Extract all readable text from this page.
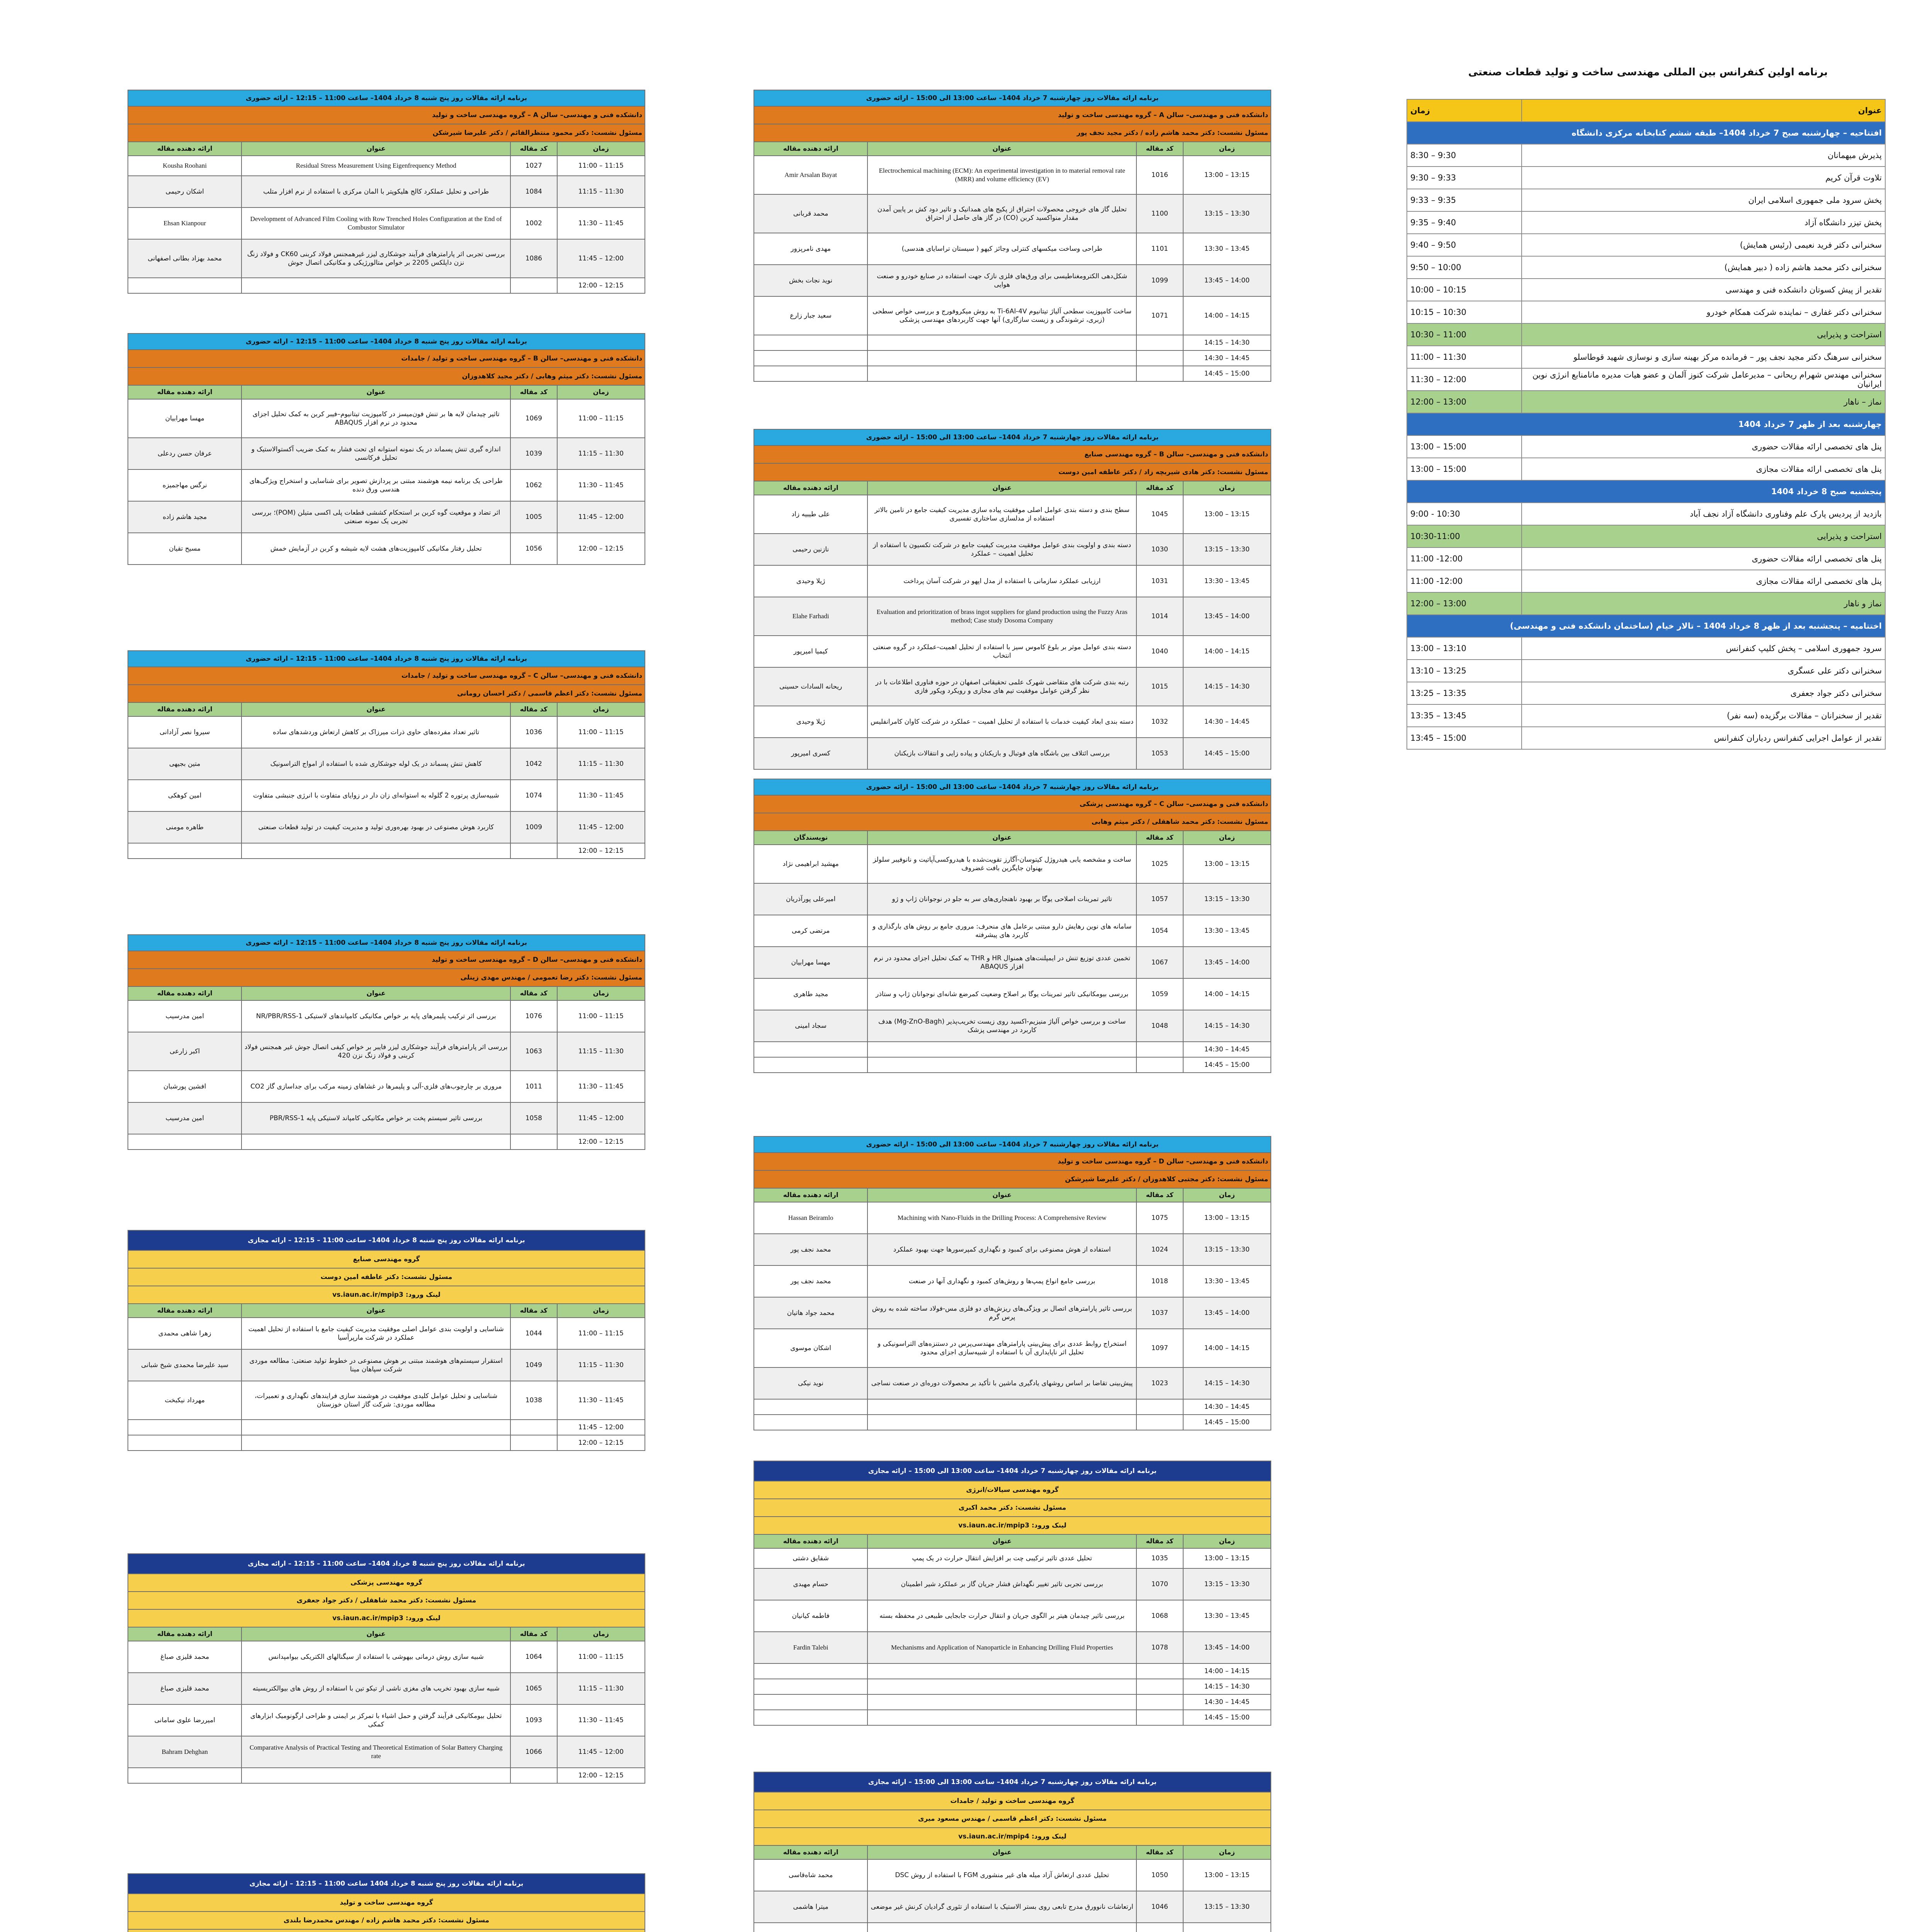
برنامه اولین کنفرانس بین المللی مهندسی ساخت و تولید قطعات صنعتی
عنوان	زمان
افتتاحیه – چهارشنبه صبح 7 خرداد 1404– طبقه ششم کتابخانه مرکزی دانشگاه	
پذیرش میهمانان	8:30 – 9:30
تلاوت قرآن کریم	9:30 – 9:33
پخش سرود ملی جمهوری اسلامی ایران	9:33 – 9:35
پخش تیزر دانشگاه آزاد	9:35 – 9:40
سخنرانی دکتر فرید نعیمی (رئیس همایش)	9:40 – 9:50
سخنرانی دکتر محمد هاشم زاده ( دبیر همایش)	9:50 – 10:00
تقدیر از پیش کسوتان دانشکده فنی و مهندسی	10:00 – 10:15
سخنرانی دکتر غفاری – نماینده شرکت همکام خودرو	10:15 – 10:30
استراحت و پذیرایی	10:30 – 11:00
سخنرانی سرهنگ دکتر مجید نجف پور – فرمانده مرکز بهینه سازی و نوسازی شهید قوطاسلو	11:00 – 11:30
سخنرانی مهندس شهرام ریحانی – مدیرعامل شرکت کنوز آلمان و عضو هیات مدیره مانامنابع انرژی نوین ایرانیان	11:30 – 12:00
نماز – ناهار	12:00 – 13:00
چهارشنبه بعد از ظهر 7 خرداد 1404	
پنل های تخصصی ارائه مقالات حضوری	13:00 – 15:00
پنل های تخصصی ارائه مقالات مجازی	13:00 – 15:00
پنجشنبه صبح 8 خرداد 1404	
بازدید از پردیس پارک علم وفناوری دانشگاه آزاد نجف آباد	9:00 - 10:30
استراحت و پذیرایی	10:30-11:00
پنل های تخصصی ارائه مقالات حضوری	11:00 -12:00
پنل های تخصصی ارائه مقالات مجازی	11:00 -12:00
نماز و ناهار	12:00 – 13:00
اختتامیه – پنجشنبه بعد از ظهر 8 خرداد 1404 – تالار خیام (ساختمان دانشکده فنی و مهندسی)	
سرود جمهوری اسلامی – پخش کلیپ کنفرانس	13:00 – 13:10
سخنرانی دکتر علی عسگری	13:10 – 13:25
سخنرانی دکتر جواد جعفری	13:25 – 13:35
تقدیر از سخنرانان – مقالات برگزیده (سه نفر)	13:35 – 13:45
تقدیر از عوامل اجرایی کنفرانس ردیاران کنفرانس	13:45 – 15:00
برنامه ارائه مقالات روز پنج شنبه 8 خرداد 1404– ساعت 11:00 – 12:15 – ارائه حضوری			
دانشکده فنی و مهندسی– سالن A – گروه مهندسی ساخت و تولید			
مسئول نشست: دکتر محمود منتظرالقائم / دکتر علیرضا شیرشکن			
ارائه دهنده مقاله	عنوان	کد مقاله	زمان
Kousha Roohani	Residual Stress Measurement Using Eigenfrequency Method	1027	11:00 – 11:15
اشکان رحیمی	طراحی و تحلیل عملکرد کالج هلیکوپتر با المان مرکزی با استفاده از نرم افزار متلب	1084	11:15 – 11:30
Ehsan Kianpour	Development of Advanced Film Cooling with Row Trenched Holes Configuration at the End of Combustor Simulator	1002	11:30 – 11:45
محمد بهزاد بطانی اصفهانی	بررسی تجربی اثر پارامترهای فرآیند جوشکاری لیزر غیرهمجنس فولاد کربنی CK60 و فولاد زنگ نزن داپلکس 2205 بر خواص متالورژیکی و مکانیکی اتصال جوش	1086	11:45 – 12:00
			12:00 – 12:15
برنامه ارائه مقالات روز پنج شنبه 8 خرداد 1404– ساعت 11:00 – 12:15 – ارائه حضوری			
دانشکده فنی و مهندسی– سالن B – گروه مهندسی ساخت و تولید / جامدات			
مسئول نشست: دکتر میثم وهابی / دکتر مجید کلاهدوزان			
ارائه دهنده مقاله	عنوان	کد مقاله	زمان
مهسا مهرابیان	تاثیر چیدمان لایه ها بر تنش فون‌میسز در کامپوزیت تیتانیوم–فیبر کربن به کمک تحلیل اجزای محدود در نرم افزار ABAQUS	1069	11:00 – 11:15
عرفان حسن ردعلی	اندازه گیری تنش پسماند در یک نمونه استوانه ای تحت فشار به کمک ضریب آکستوالاستیک و تحلیل فرکانسی	1039	11:15 – 11:30
نرگس مهاجمیزه	طراحی یک برنامه نیمه هوشمند مبتنی بر پردازش تصویر برای شناسایی و استخراج ویژگی‌های هندسی ورق دنده	1062	11:30 – 11:45
مجید هاشم زاده	اثر تضاد و موقعیت گوه کربن بر استحکام کششی قطعات پلی اکسی متیلن (POM)؛ بررسی تجربی یک نمونه صنعتی	1005	11:45 – 12:00
مسیح تقیان	تحلیل رفتار مکانیکی کامپوزیت‌های هشت لایه شیشه و کربن در آزمایش خمش	1056	12:00 – 12:15
برنامه ارائه مقالات روز پنج شنبه 8 خرداد 1404– ساعت 11:00 – 12:15 – ارائه حضوری			
دانشکده فنی و مهندسی– سالن C – گروه مهندسی ساخت و تولید / جامدات			
مسئول نشست: دکتر اعظم قاسمی / دکتر احسان رومانی			
ارائه دهنده مقاله	عنوان	کد مقاله	زمان
سیروا نصر آزادانی	تاثیر تعداد مفرده‌های حاوی ذرات میرزاک بر کاهش ارتعاش وردشدهای ساده	1036	11:00 – 11:15
متین بجیهی	کاهش تنش پسماند در یک لوله جوشکاری شده با استفاده از امواج التراسونیک	1042	11:15 – 11:30
امین کوهکی	شبیه‌سازی پرتوره 2 گلوله به استوانه‌ای زان دار در زوایای متفاوت با انرژی جنبشی متفاوت	1074	11:30 – 11:45
طاهره مومنی	کاربرد هوش مصنوعی در بهبود بهره‌وری تولید و مدیریت کیفیت در تولید قطعات صنعتی	1009	11:45 – 12:00
			12:00 – 12:15
برنامه ارائه مقالات روز پنج شنبه 8 خرداد 1404– ساعت 11:00 – 12:15 – ارائه حضوری			
دانشکده فنی و مهندسی– سالن D – گروه مهندسی ساخت و تولید			
مسئول نشست: دکتر رضا تعمومی / مهندس مهدی زینلی			
ارائه دهنده مقاله	عنوان	کد مقاله	زمان
امین مدرسیب	بررسی اثر ترکیب پلیمرهای پایه بر خواص مکانیکی کامپاندهای لاستیکی NR/PBR/RSS-1	1076	11:00 – 11:15
اکبر زارعی	بررسی اثر پارامترهای فرآیند جوشکاری لیزر فایبر بر خواص کیفی اتصال جوش غیر همجنس فولاد کربنی و فولاد زنگ نزن 420	1063	11:15 – 11:30
افشین پورشبان	مروری بر چارچوب‌های فلزی-آلی و پلیمرها در غشاهای زمینه مرکب برای جداسازی گاز CO2	1011	11:30 – 11:45
امین مدرسیب	بررسی تاثیر سیستم پخت بر خواص مکانیکی کامپاند لاستیکی پایه PBR/RSS-1	1058	11:45 – 12:00
			12:00 – 12:15
برنامه ارائه مقالات روز پنج شنبه 8 خرداد 1404– ساعت 11:00 – 12:15 – ارائه مجازی			
گروه مهندسی صنایع			
مسئول نشست: دکتر عاطفه امین دوست			
لینک ورود: vs.iaun.ac.ir/mpip3			
ارائه دهنده مقاله	عنوان	کد مقاله	زمان
زهرا شاهی محمدی	شناسایی و اولویت بندی عوامل اصلی موفقیت مدیریت کیفیت جامع با استفاده از تحلیل اهمیت عملکرد در شرکت مارپرآسیا	1044	11:00 – 11:15
سید علیرضا محمدی شیخ شبانی	استقرار سیستم‌های هوشمند مبتنی بر هوش مصنوعی در خطوط تولید صنعتی: مطالعه موردی شرکت سپاهان مینا	1049	11:15 – 11:30
مهرداد نیکبخت	شناسایی و تحلیل عوامل کلیدی موفقیت در هوشمند سازی فرایندهای نگهداری و تعمیرات، مطالعه موردی: شرکت گاز استان خوزستان	1038	11:30 – 11:45
			11:45 – 12:00
			12:00 – 12:15
برنامه ارائه مقالات روز پنج شنبه 8 خرداد 1404– ساعت 11:00 – 12:15 – ارائه مجازی			
گروه مهندسی پزشکی			
مسئول نشست: دکتر محمد شاهقلی / دکتر جواد جعفری			
لینک ورود: vs.iaun.ac.ir/mpip3			
ارائه دهنده مقاله	عنوان	کد مقاله	زمان
محمد قلیزی صباغ	شبیه سازی روش درمانی بیهوشی با استفاده از سیگنالهای الکتریکی بیوامپدانس	1064	11:00 – 11:15
محمد قلیزی صباغ	شبیه سازی بهبود تخریب های مغزی ناشی از تیکو تین با استفاده از روش های بیوالکتریسیته	1065	11:15 – 11:30
امیررضا علوی سامانی	تحلیل بیومکانیکی فرآیند گرفتن و حمل اشیاء با تمرکز بر ایمنی و طراحی ارگونومیک ابزارهای کمکی	1093	11:30 – 11:45
Bahram Dehghan	Comparative Analysis of Practical Testing and Theoretical Estimation of Solar Battery Charging rate	1066	11:45 – 12:00
			12:00 – 12:15
برنامه ارائه مقالات روز پنج شنبه 8 خرداد 1404 ساعت 11:00 – 12:15 – ارائه مجازی			
گروه مهندسی ساخت و تولید			
مسئول نشست: دکتر محمد هاشم زاده / مهندس محمدرضا بلندی			

برنامه ارائه مقالات روز چهارشنبه 7 خرداد 1404– ساعت 13:00 الی 15:00 – ارائه حضوری			
دانشکده فنی و مهندسی– سالن A – گروه مهندسی ساخت و تولید			
مسئول نشست: دکتر محمد هاشم زاده / دکتر مجید نجف پور			
ارائه دهنده مقاله	عنوان	کد مقاله	زمان
Amir Arsalan Bayat	Electrochemical machining (ECM): An experimental investigation in to material removal rate (MRR) and volume efficiency (EV)	1016	13:00 – 13:15
محمد قربانی	تحلیل گاز های خروجی محصولات احتراق از پکیج های همدانیک و تاثیر دود کش بر پایین آمدن مقدار منواکسید کربن (CO) در گاز های حاصل از احتراق	1100	13:15 – 13:30
مهدی نامرپزور	طراحی وساخت میکسهای کنترلی وجائز کیهو ( سیستان تراسایای هندسی)	1101	13:30 – 13:45
نوید نجات بخش	شکل‌دهی الکترومغناطیسی برای ورق‌های فلزی نازک جهت استفاده در صنایع خودرو و صنعت هوایی	1099	13:45 – 14:00
سعید جبار زارع	ساخت کامپوزیت سطحی آلیاژ تیتانیوم Ti-6Al-4V به روش میکروفورج و بررسی خواص سطحی (زبری، ترشوندگی و زیست سازگاری) آنها جهت کاربردهای مهندسی پزشکی	1071	14:00 – 14:15
			14:15 – 14:30
			14:30 – 14:45
			14:45 – 15:00
برنامه ارائه مقالات روز چهارشنبه 7 خرداد 1404– ساعت 13:00 الی 15:00 – ارائه حضوری			
دانشکده فنی و مهندسی– سالن B – گروه مهندسی صنایع			
مسئول نشست: دکتر هادی شیربچه زاد / دکتر عاطفه امین دوست			
ارائه دهنده مقاله	عنوان	کد مقاله	زمان
علی طیبیه زاد	سطح بندی و دسته بندی عوامل اصلی موفقیت پیاده سازی مدیریت کیفیت جامع در تامین بالاتر استفاده از مدلسازی ساختاری تفسیری	1045	13:00 – 13:15
نازنین رحیمی	دسته بندی و اولویت بندی عوامل موفقیت مدیریت کیفیت جامع در شرکت تکسیون با استفاده از تحلیل اهمیت – عملکرد	1030	13:15 – 13:30
ژیلا وحیدی	ارزیابی عملکرد سازمانی با استفاده از مدل اپهو در شرکت آسان پرداخت	1031	13:30 – 13:45
Elahe Farhadi	Evaluation and prioritization of brass ingot suppliers for gland production using the Fuzzy Aras method; Case study Dosoma Company	1014	13:45 – 14:00
کیمیا امیرپور	دسته بندی عوامل موثر بر بلوغ کاموس سیز با استفاده از تحلیل اهمیت-عملکرد در گروه صنعتی انتخاب	1040	14:00 – 14:15
ریحانه السادات حسینی	رتبه بندی شرکت های متقاضی شهرک علمی تحقیقاتی اصفهان در حوزه فناوری اطلاعات با در نظر گرفتن عوامل موفقیت تیم های مجازی و رویکرد ویکور فازی	1015	14:15 – 14:30
ژیلا وحیدی	دسته بندی ابعاد کیفیت خدمات با استفاده از تحلیل اهمیت – عملکرد در شرکت کاوان کامرانفلیس	1032	14:30 – 14:45
کسری امیرپور	بررسی ائتلاف بین باشگاه های فوتبال و بازیکنان و پیاده زایی و انتقالات بازیکنان	1053	14:45 – 15:00
برنامه ارائه مقالات روز چهارشنبه 7 خرداد 1404– ساعت 13:00 الی 15:00 – ارائه حضوری			
دانشکده فنی و مهندسی– سالن C – گروه مهندسی پزشکی			
مسئول نشست: دکتر محمد شاهقلی / دکتر میثم وهابی			
نویسندگان	عنوان	کد مقاله	زمان
مهشید ابراهیمی نژاد	ساخت و مشخصه یابی هیدروژل کیتوسان-آگارز تقویت‌شده با هیدروکسی‌آپاتیت و نانوفیبر سلولز بهنوان جایگزین بافت غضروف	1025	13:00 – 13:15
امیرعلی پورآذریان	تاثیر تمرینات اصلاحی یوگا بر بهبود ناهنجاری‌های سر به جلو در نوجوانان ژاپ و ژو	1057	13:15 – 13:30
مرتضی کرمی	سامانه های نوین رهایش دارو مبتنی برعامل های منحرف: مروری جامع بر روش های بارگذاری و کاربرد های پیشرفته	1054	13:30 – 13:45
مهسا مهرابیان	تخمین عددی توزیع تنش در ایمپلنت‌های همنوال HR و THR به کمک تحلیل اجزای محدود در نرم افزار ABAQUS	1067	13:45 – 14:00
مجید طاهری	بررسی بیومکانیکی تاثیر تمرینات یوگا بر اصلاح وضعیت کمرضع شانه‌ای نوجوانان ژاپ و ستاذر	1059	14:00 – 14:15
سجاد امینی	ساخت و بررسی خواص آلیاژ منیزیم-اکسید روی زیست تخریب‌پذیر (Mg-ZnO-Bagh) هدف کاربرد در مهندسی پزشک	1048	14:15 – 14:30
			14:30 – 14:45
			14:45 – 15:00
برنامه ارائه مقالات روز چهارشنبه 7 خرداد 1404– ساعت 13:00 الی 15:00 – ارائه حضوری			
دانشکده فنی و مهندسی– سالن D – گروه مهندسی ساخت و تولید			
مسئول نشست: دکتر مجتبی کلاهدوزان / دکتر علیرضا شیرشکن			
ارائه دهنده مقاله	عنوان	کد مقاله	زمان
Hassan Beiramlo	Machining with Nano-Fluids in the Drilling Process: A Comprehensive Review	1075	13:00 – 13:15
محمد نجف پور	استفاده از هوش مصنوعی برای کمبود و نگهداری کمپرسورها جهت بهبود عملکرد	1024	13:15 – 13:30
محمد نجف پور	بررسی جامع انواع پمپ‌ها و روش‌های کمبود و نگهداری آنها در صنعت	1018	13:30 – 13:45
محمد جواد هاتیان	بررسی تاثیر پارامترهای اتصال بر ویژگی‌های ریزش‌های دو فلزی مس-فولاد ساخته شده به روش پرس گرم	1037	13:45 – 14:00
اشکان موسوی	استخراج روابط عددی برای پیش‌بینی پارامترهای مهندسی‌پرس در دستنزه‌های التراسونیکی و تحلیل اثر ناپایداری آن با استفاده از شبیه‌سازی اجزای محدود	1097	14:00 – 14:15
نوید نیکی	پیش‌بینی تقاضا بر اساس روشهای یادگیری ماشین با تأکید بر محصولات دوره‌ای در صنعت نساجی	1023	14:15 – 14:30
			14:30 – 14:45
			14:45 – 15:00
برنامه ارائه مقالات روز چهارشنبه 7 خرداد 1404– ساعت 13:00 الی 15:00 – ارائه مجازی			
گروه مهندسی سیالات/انرژی			
مسئول نشست: دکتر محمد اکبری			
لینک ورود: vs.iaun.ac.ir/mpip3			
ارائه دهنده مقاله	عنوان	کد مقاله	زمان
شقایق دشتی	تحلیل عددی تاثیر ترکیبی چت بر افزایش انتقال حرارت در یک پمپ	1035	13:00 – 13:15
حسام مهبدی	بررسی تجربی تاثیر تغییر نگهداش فشار جریان گاز بر عملکرد شیر اطمینان	1070	13:15 – 13:30
فاطمه کیانیان	بررسی تاثیر چیدمان هیتر بر الگوی جریان و انتقال حرارت جابجایی طبیعی در محفظه بسته	1068	13:30 – 13:45
Fardin Talebi	Mechanisms and Application of Nanoparticle in Enhancing Drilling Fluid Properties	1078	13:45 – 14:00
			14:00 – 14:15
			14:15 – 14:30
			14:30 – 14:45
			14:45 – 15:00
برنامه ارائه مقالات روز چهارشنبه 7 خرداد 1404– ساعت 13:00 الی 15:00 – ارائه مجازی			
گروه مهندسی ساخت و تولید / جامدات			
مسئول نشست: دکتر اعظم قاسمی / مهندس مسعود میری			
لینک ورود: vs.iaun.ac.ir/mpip4			
ارائه دهنده مقاله	عنوان	کد مقاله	زمان
محمد شاه‌قاسی	تحلیل عددی ارتعاش آزاد میله های غیر منشوری FGM با استفاده از روش DSC	1050	13:00 – 13:15
میترا هاشمی	ارتعاشات نانوورق مدرج تابعی روی بستر الاستیک با استفاده از تئوری گرادیان کرنش غیر موضعی	1046	13:15 – 13:30
